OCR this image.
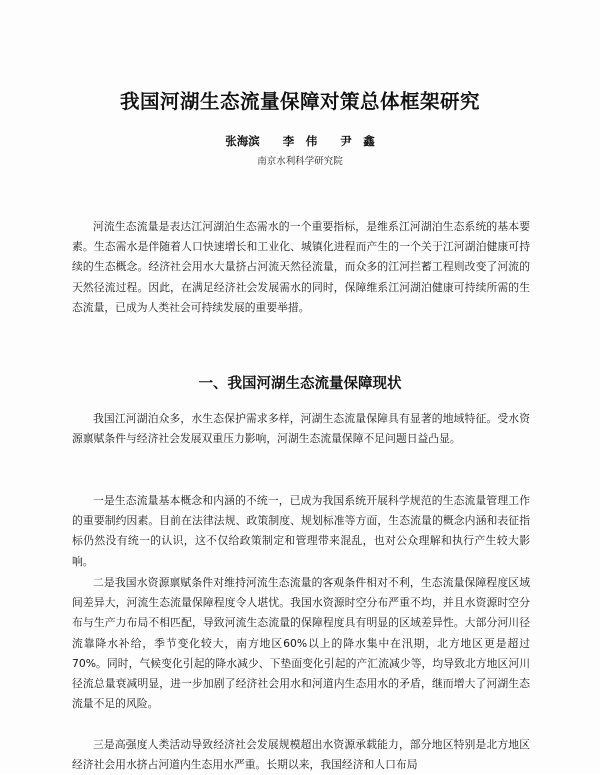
我国河湖生态流量保障对策总体框架研究
张海滨　　李　伟　　尹　鑫
南京水利科学研究院

河流生态流量是表达江河湖泊生态需水的一个重要指标，是维系江河湖泊生态系统的基本要素。生态需水是伴随着人口快速增长和工业化、城镇化进程而产生的一个关于江河湖泊健康可持续的生态概念。经济社会用水大量挤占河流天然径流量，而众多的江河拦蓄工程则改变了河流的天然径流过程。因此，在满足经济社会发展需水的同时，保障维系江河湖泊健康可持续所需的生态流量，已成为人类社会可持续发展的重要举措。

一、我国河湖生态流量保障现状

我国江河湖泊众多，水生态保护需求多样，河湖生态流量保障具有显著的地域特征。受水资源禀赋条件与经济社会发展双重压力影响，河湖生态流量保障不足问题日益凸显。

一是生态流量基本概念和内涵的不统一，已成为我国系统开展科学规范的生态流量管理工作的重要制约因素。目前在法律法规、政策制度、规划标准等方面，生态流量的概念内涵和表征指标仍然没有统一的认识，这不仅给政策制定和管理带来混乱，也对公众理解和执行产生较大影响。

二是我国水资源禀赋条件对维持河流生态流量的客观条件相对不利，生态流量保障程度区域间差异大，河流生态流量保障程度令人堪忧。我国水资源时空分布严重不均，并且水资源时空分布与生产力布局不相匹配，导致河流生态流量的保障程度具有明显的区域差异性。大部分河川径流靠降水补给，季节变化较大，南方地区60%以上的降水集中在汛期，北方地区更是超过70%。同时，气候变化引起的降水减少、下垫面变化引起的产汇流减少等，均导致北方地区河川径流总量衰减明显，进一步加剧了经济社会用水和河道内生态用水的矛盾，继而增大了河湖生态流量不足的风险。

三是高强度人类活动导致经济社会发展规模超出水资源承载能力，部分地区特别是北方地区经济社会用水挤占河道内生态用水严重。长期以来，我国经济和人口布局
